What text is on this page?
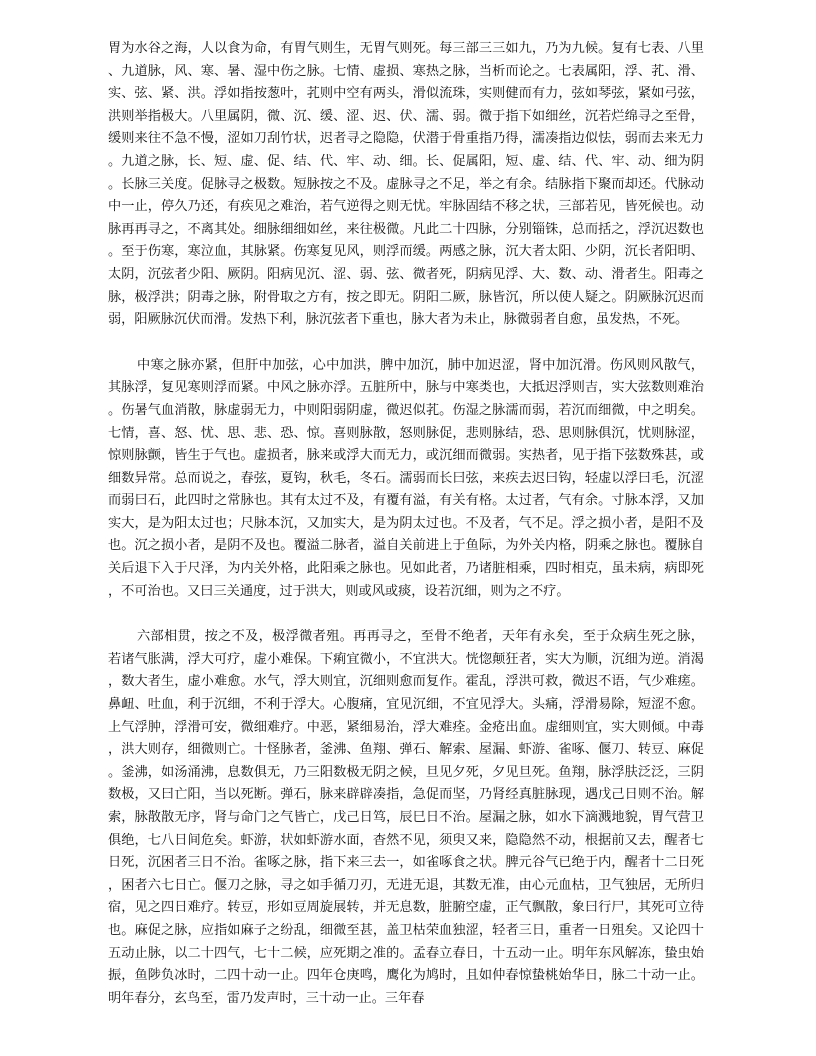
胃为水谷之海，人以食为命，有胃气则生，无胃气则死。每三部三三如九，乃为九候。复有七表、八里、九道脉，风、寒、暑、湿中伤之脉。七情、虚损、寒热之脉，当析而论之。七表属阳，浮、芤、滑、实、弦、紧、洪。浮如指按葱叶，芤则中空有两头，滑似流珠，实则健而有力，弦如琴弦，紧如弓弦，洪则举指极大。八里属阴，微、沉、缓、涩、迟、伏、濡、弱。微于指下如细丝，沉若烂绵寻之至骨，缓则来往不急不慢，涩如刀刮竹状，迟者寻之隐隐，伏潜于骨重指乃得，濡凑指边似怯，弱而去来无力。九道之脉，长、短、虚、促、结、代、牢、动、细。长、促属阳，短、虚、结、代、牢、动、细为阴。长脉三关度。促脉寻之极数。短脉按之不及。虚脉寻之不足，举之有余。结脉指下聚而却还。代脉动中一止，停久乃还，有疾见之难治，若气逆得之则无忧。牢脉固结不移之状，三部若见，皆死候也。动脉再再寻之，不离其处。细脉细细如丝，来往极微。凡此二十四脉，分别锱铢，总而括之，浮沉迟数也。至于伤寒，寒泣血，其脉紧。伤寒复见风，则浮而缓。两感之脉，沉大者太阳、少阴，沉长者阳明、太阴，沉弦者少阳、厥阴。阳病见沉、涩、弱、弦、微者死，阴病见浮、大、数、动、滑者生。阳毒之脉，极浮洪；阴毒之脉，附骨取之方有，按之即无。阴阳二厥，脉皆沉，所以使人疑之。阴厥脉沉迟而弱，阳厥脉沉伏而滑。发热下利，脉沉弦者下重也，脉大者为未止，脉微弱者自愈，虽发热，不死。

中寒之脉亦紧，但肝中加弦，心中加洪，脾中加沉，肺中加迟涩，肾中加沉滑。伤风则风散气，其脉浮，复见寒则浮而紧。中风之脉亦浮。五脏所中，脉与中寒类也，大抵迟浮则吉，实大弦数则难治。伤暑气血消散，脉虚弱无力，中则阳弱阴虚，微迟似芤。伤湿之脉濡而弱，若沉而细微，中之明矣。七情，喜、怒、忧、思、悲、恐、惊。喜则脉散，怒则脉促，悲则脉结，恐、思则脉俱沉，忧则脉涩，惊则脉颤，皆生于气也。虚损者，脉来或浮大而无力，或沉细而微弱。实热者，见于指下弦数殊甚，或细数异常。总而说之，春弦，夏钩，秋毛，冬石。濡弱而长曰弦，来疾去迟曰钩，轻虚以浮曰毛，沉涩而弱曰石，此四时之常脉也。其有太过不及，有覆有溢，有关有格。太过者，气有余。寸脉本浮，又加实大，是为阳太过也；尺脉本沉，又加实大，是为阴太过也。不及者，气不足。浮之损小者，是阳不及也。沉之损小者，是阴不及也。覆溢二脉者，溢自关前进上于鱼际，为外关内格，阴乘之脉也。覆脉自关后退下入于尺泽，为内关外格，此阳乘之脉也。见如此者，乃诸脏相乘，四时相克，虽未病，病即死，不可治也。又曰三关通度，过于洪大，则或风或痰，设若沉细，则为之不疗。

六部相贯，按之不及，极浮微者殂。再再寻之，至骨不绝者，天年有永矣，至于众病生死之脉，若诸气胀满，浮大可疗，虚小难保。下痢宜微小，不宜洪大。恍惚颠狂者，实大为顺，沉细为逆。消渴，数大者生，虚小难愈。水气，浮大则宜，沉细则愈而复作。霍乱，浮洪可救，微迟不语，气少难瘥。鼻衄、吐血，利于沉细，不利于浮大。心腹痛，宜见沉细，不宜见浮大。头痛，浮滑易除，短涩不愈。上气浮肿，浮滑可安，微细难疗。中恶，紧细易治，浮大难痊。金疮出血。虚细则宜，实大则倾。中毒，洪大则存，细微则亡。十怪脉者，釜沸、鱼翔、弹石、解索、屋漏、虾游、雀啄、偃刀、转豆、麻促。釜沸，如汤涌沸，息数俱无，乃三阳数极无阴之候，旦见夕死，夕见旦死。鱼翔，脉浮肤泛泛，三阴数极，又曰亡阳，当以死断。弹石，脉来辟辟凑指，急促而坚，乃肾经真脏脉现，遇戊己日则不治。解索，脉散散无序，肾与命门之气皆亡，戊己日笃，辰巳日不治。屋漏之脉，如水下滴溅地貌，胃气营卫俱绝，七八日间危矣。虾游，状如虾游水面，杳然不见，须臾又来，隐隐然不动，根据前又去，醒者七日死，沉困者三日不治。雀啄之脉，指下来三去一，如雀啄食之状。脾元谷气已绝于内，醒者十二日死，困者六七日亡。偃刀之脉，寻之如手循刀刃，无进无退，其数无准，由心元血枯，卫气独居，无所归宿，见之四日难疗。转豆，形如豆周旋展转，并无息数，脏腑空虚，正气飘散，象曰行尸，其死可立待也。麻促之脉，应指如麻子之纷乱，细微至甚，盖卫枯荣血独涩，轻者三日，重者一日殂矣。又论四十五动止脉，以二十四气，七十二候，应死期之准的。孟春立春日，十五动一止。明年东风解冻，蛰虫始振，鱼陟负冰时，二四十动一止。四年仓庚鸣，鹰化为鸠时，且如仲春惊蛰桃始华日，脉二十动一止。明年春分，玄鸟至，雷乃发声时，三十动一止。三年春
